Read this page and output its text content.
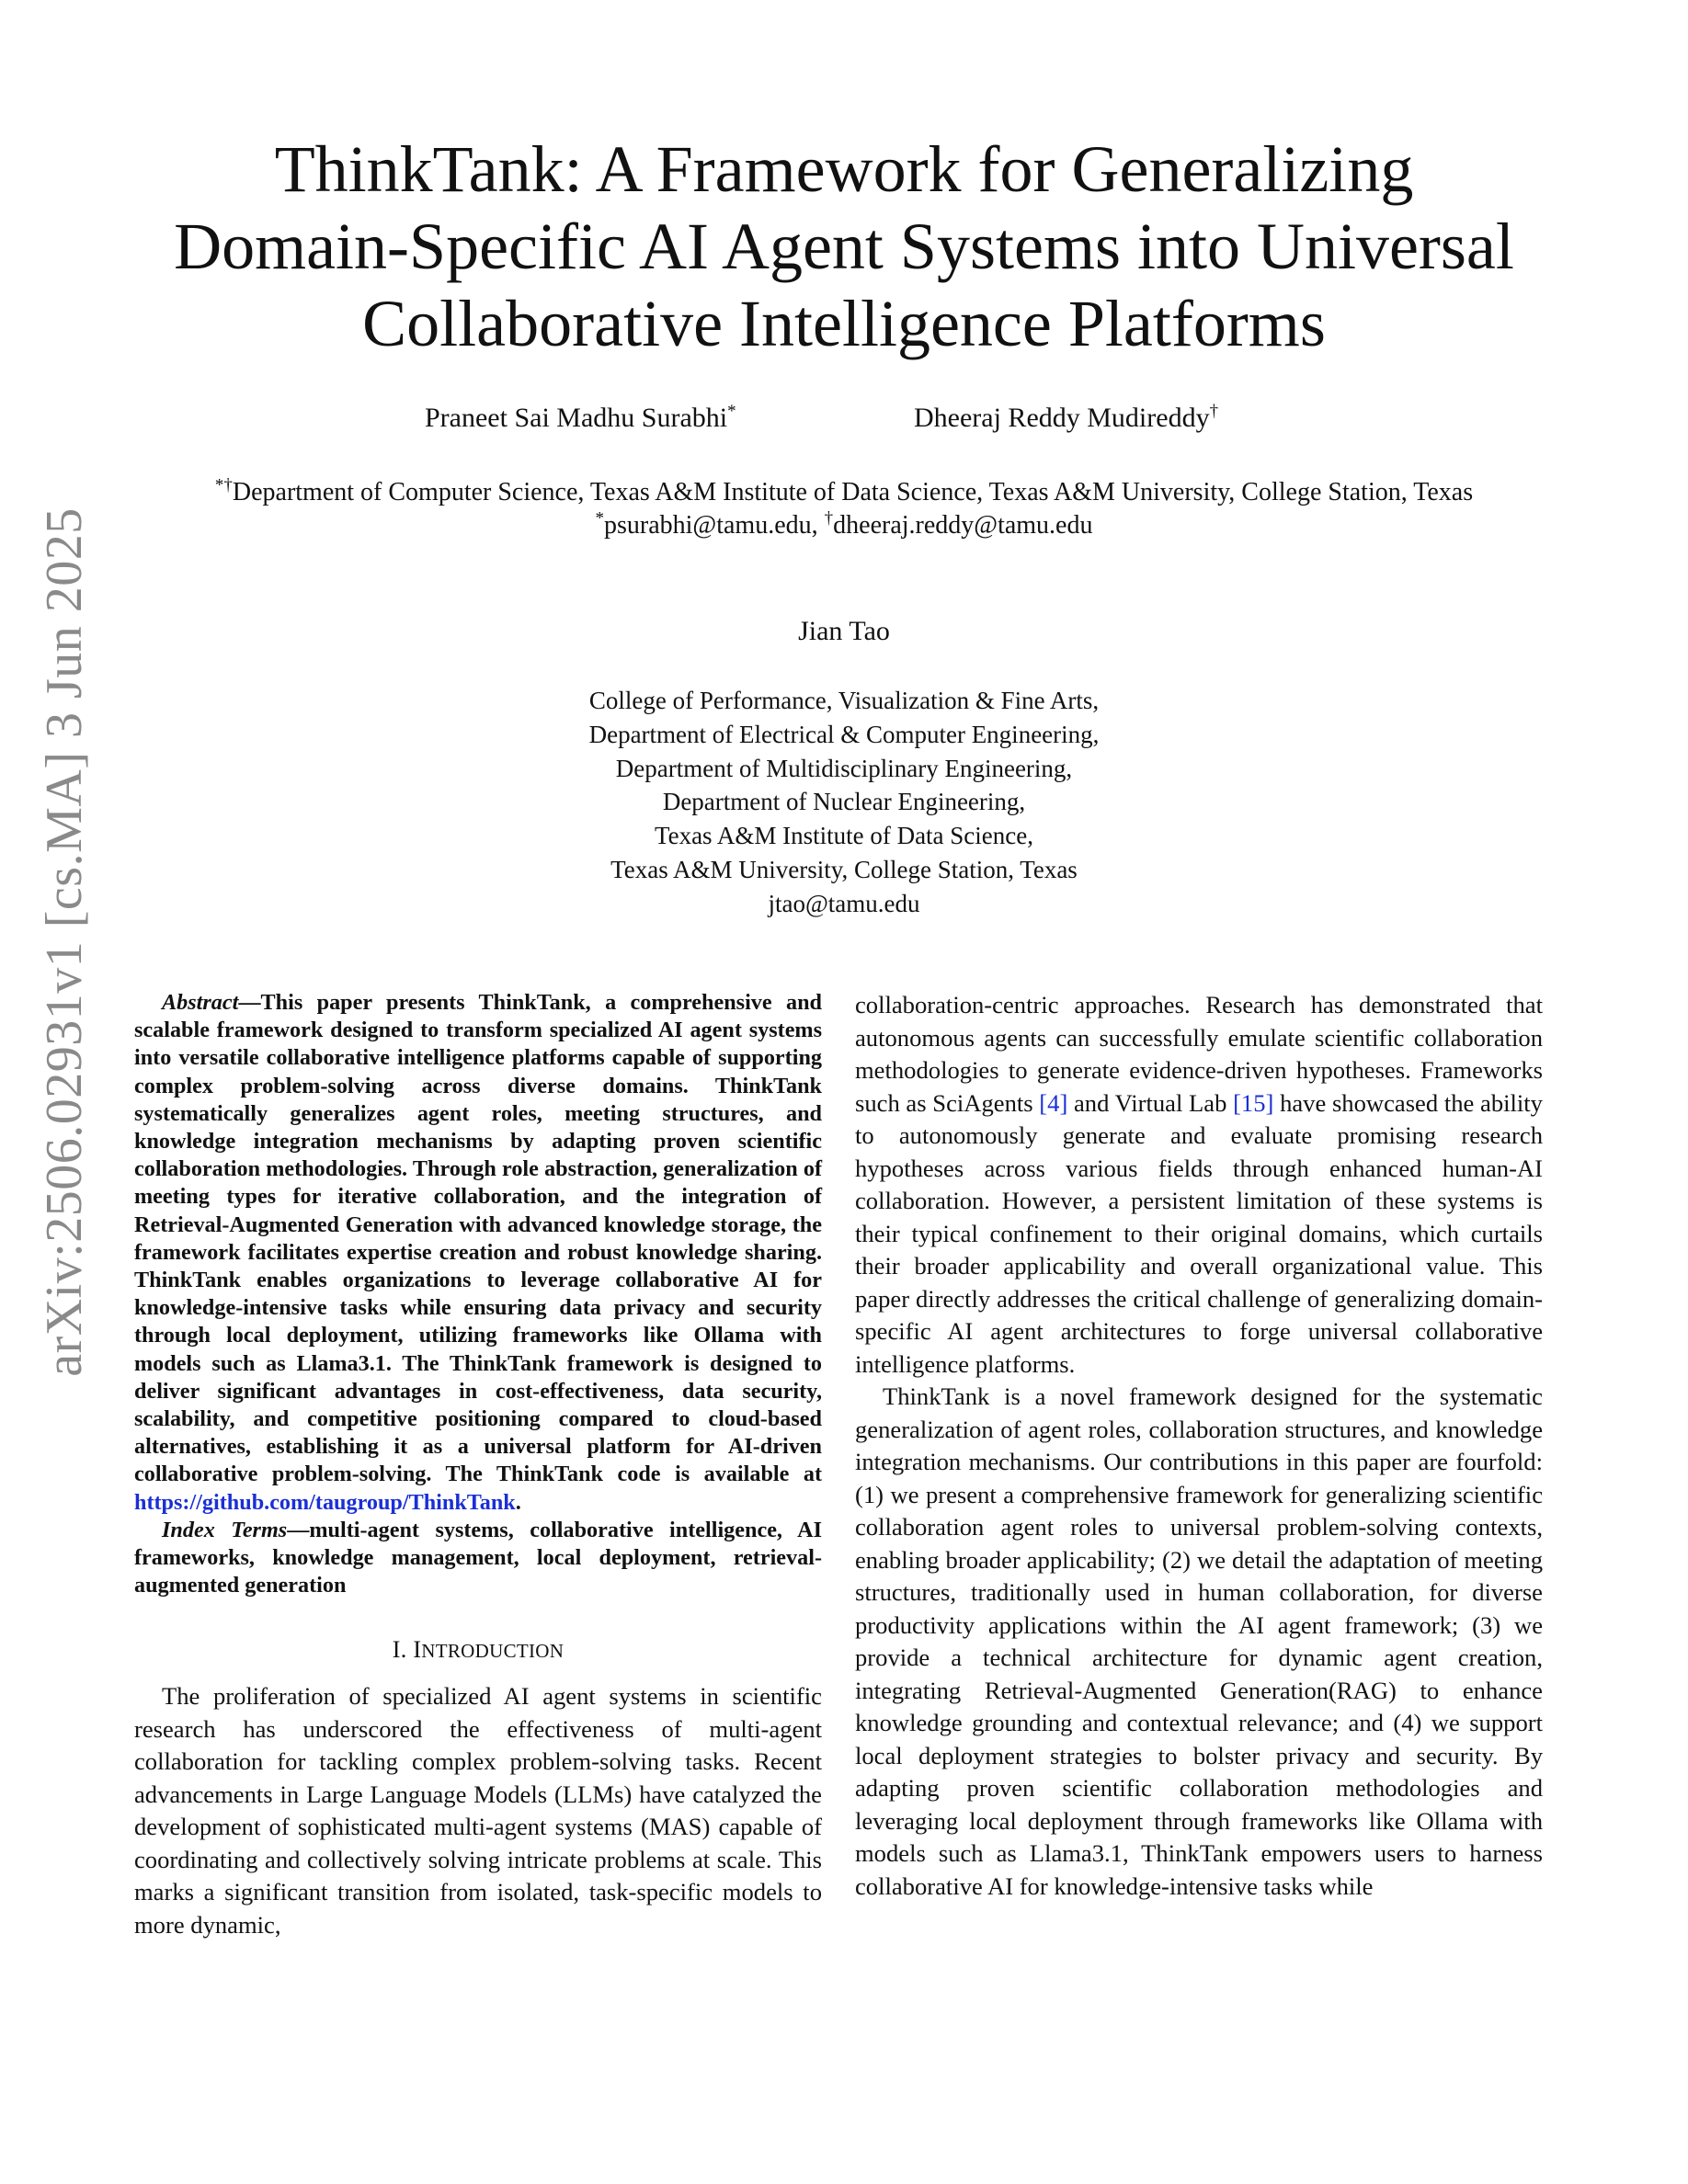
arXiv:2506.02931v1 [cs.MA] 3 Jun 2025
ThinkTank: A Framework for Generalizing
Domain-Specific AI Agent Systems into Universal
Collaborative Intelligence Platforms
Praneet Sai Madhu Surabhi*	Dheeraj Reddy Mudireddy†
*†Department of Computer Science, Texas A&M Institute of Data Science, Texas A&M University, College Station, Texas
*psurabhi@tamu.edu, †dheeraj.reddy@tamu.edu
Jian Tao
College of Performance, Visualization & Fine Arts,
Department of Electrical & Computer Engineering,
Department of Multidisciplinary Engineering,
Department of Nuclear Engineering,
Texas A&M Institute of Data Science,
Texas A&M University, College Station, Texas
jtao@tamu.edu

Abstract—This paper presents ThinkTank, a comprehensive and scalable framework designed to transform specialized AI agent systems into versatile collaborative intelligence platforms capable of supporting complex problem-solving across diverse domains. ThinkTank systematically generalizes agent roles, meeting structures, and knowledge integration mechanisms by adapting proven scientific collaboration methodologies. Through role abstraction, generalization of meeting types for iterative collaboration, and the integration of Retrieval-Augmented Generation with advanced knowledge storage, the framework facilitates expertise creation and robust knowledge sharing. ThinkTank enables organizations to leverage collaborative AI for knowledge-intensive tasks while ensuring data privacy and security through local deployment, utilizing frameworks like Ollama with models such as Llama3.1. The ThinkTank framework is designed to deliver significant advantages in cost-effectiveness, data security, scalability, and competitive positioning compared to cloud-based alternatives, establishing it as a universal platform for AI-driven collaborative problem-solving. The ThinkTank code is available at https://github.com/taugroup/ThinkTank.

Index Terms—multi-agent systems, collaborative intelligence, AI frameworks, knowledge management, local deployment, retrieval-augmented generation

I. INTRODUCTION

The proliferation of specialized AI agent systems in scientific research has underscored the effectiveness of multi-agent collaboration for tackling complex problem-solving tasks. Recent advancements in Large Language Models (LLMs) have catalyzed the development of sophisticated multi-agent systems (MAS) capable of coordinating and collectively solving intricate problems at scale. This marks a significant transition from isolated, task-specific models to more dynamic,

collaboration-centric approaches. Research has demonstrated that autonomous agents can successfully emulate scientific collaboration methodologies to generate evidence-driven hypotheses. Frameworks such as SciAgents [4] and Virtual Lab [15] have showcased the ability to autonomously generate and evaluate promising research hypotheses across various fields through enhanced human-AI collaboration. However, a persistent limitation of these systems is their typical confinement to their original domains, which curtails their broader applicability and overall organizational value. This paper directly addresses the critical challenge of generalizing domain-specific AI agent architectures to forge universal collaborative intelligence platforms.

ThinkTank is a novel framework designed for the systematic generalization of agent roles, collaboration structures, and knowledge integration mechanisms. Our contributions in this paper are fourfold: (1) we present a comprehensive framework for generalizing scientific collaboration agent roles to universal problem-solving contexts, enabling broader applicability; (2) we detail the adaptation of meeting structures, traditionally used in human collaboration, for diverse productivity applications within the AI agent framework; (3) we provide a technical architecture for dynamic agent creation, integrating Retrieval-Augmented Generation(RAG) to enhance knowledge grounding and contextual relevance; and (4) we support local deployment strategies to bolster privacy and security. By adapting proven scientific collaboration methodologies and leveraging local deployment through frameworks like Ollama with models such as Llama3.1, ThinkTank empowers users to harness collaborative AI for knowledge-intensive tasks while
